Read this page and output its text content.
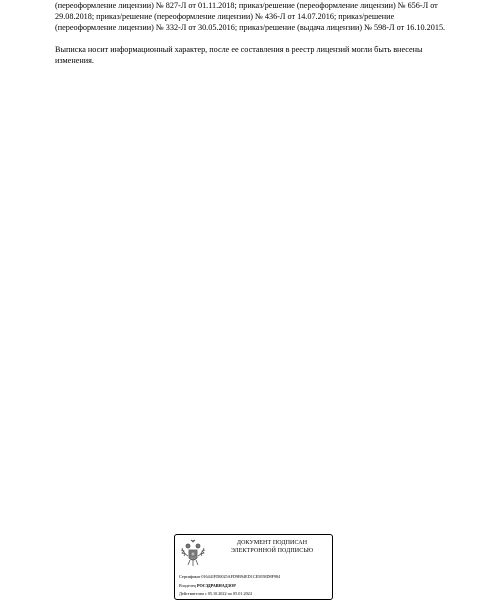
(переоформление лицензии) № 827-Л от 01.11.2018; приказ/решение (переоформление лицензии) № 656-Л от 29.08.2018; приказ/решение (переоформление лицензии) № 436-Л от 14.07.2016; приказ/решение (переоформление лицензии) № 332-Л от 30.05.2016; приказ/решение (выдача лицензии) № 598-Л от 16.10.2015.

Выписка носит информационный характер, после ее составления в реестр лицензий могли быть внесены изменения.

ДОКУМЕНТ ПОДПИСАН
ЭЛЕКТРОННОЙ ПОДПИСЬЮ
Сертификат 016441FD0025AFD9B94ED1CE5058D8F984
Владелец РОСЗДРАВНАДЗОР
Действителен с 05.10.2022 по 05.01.2024
